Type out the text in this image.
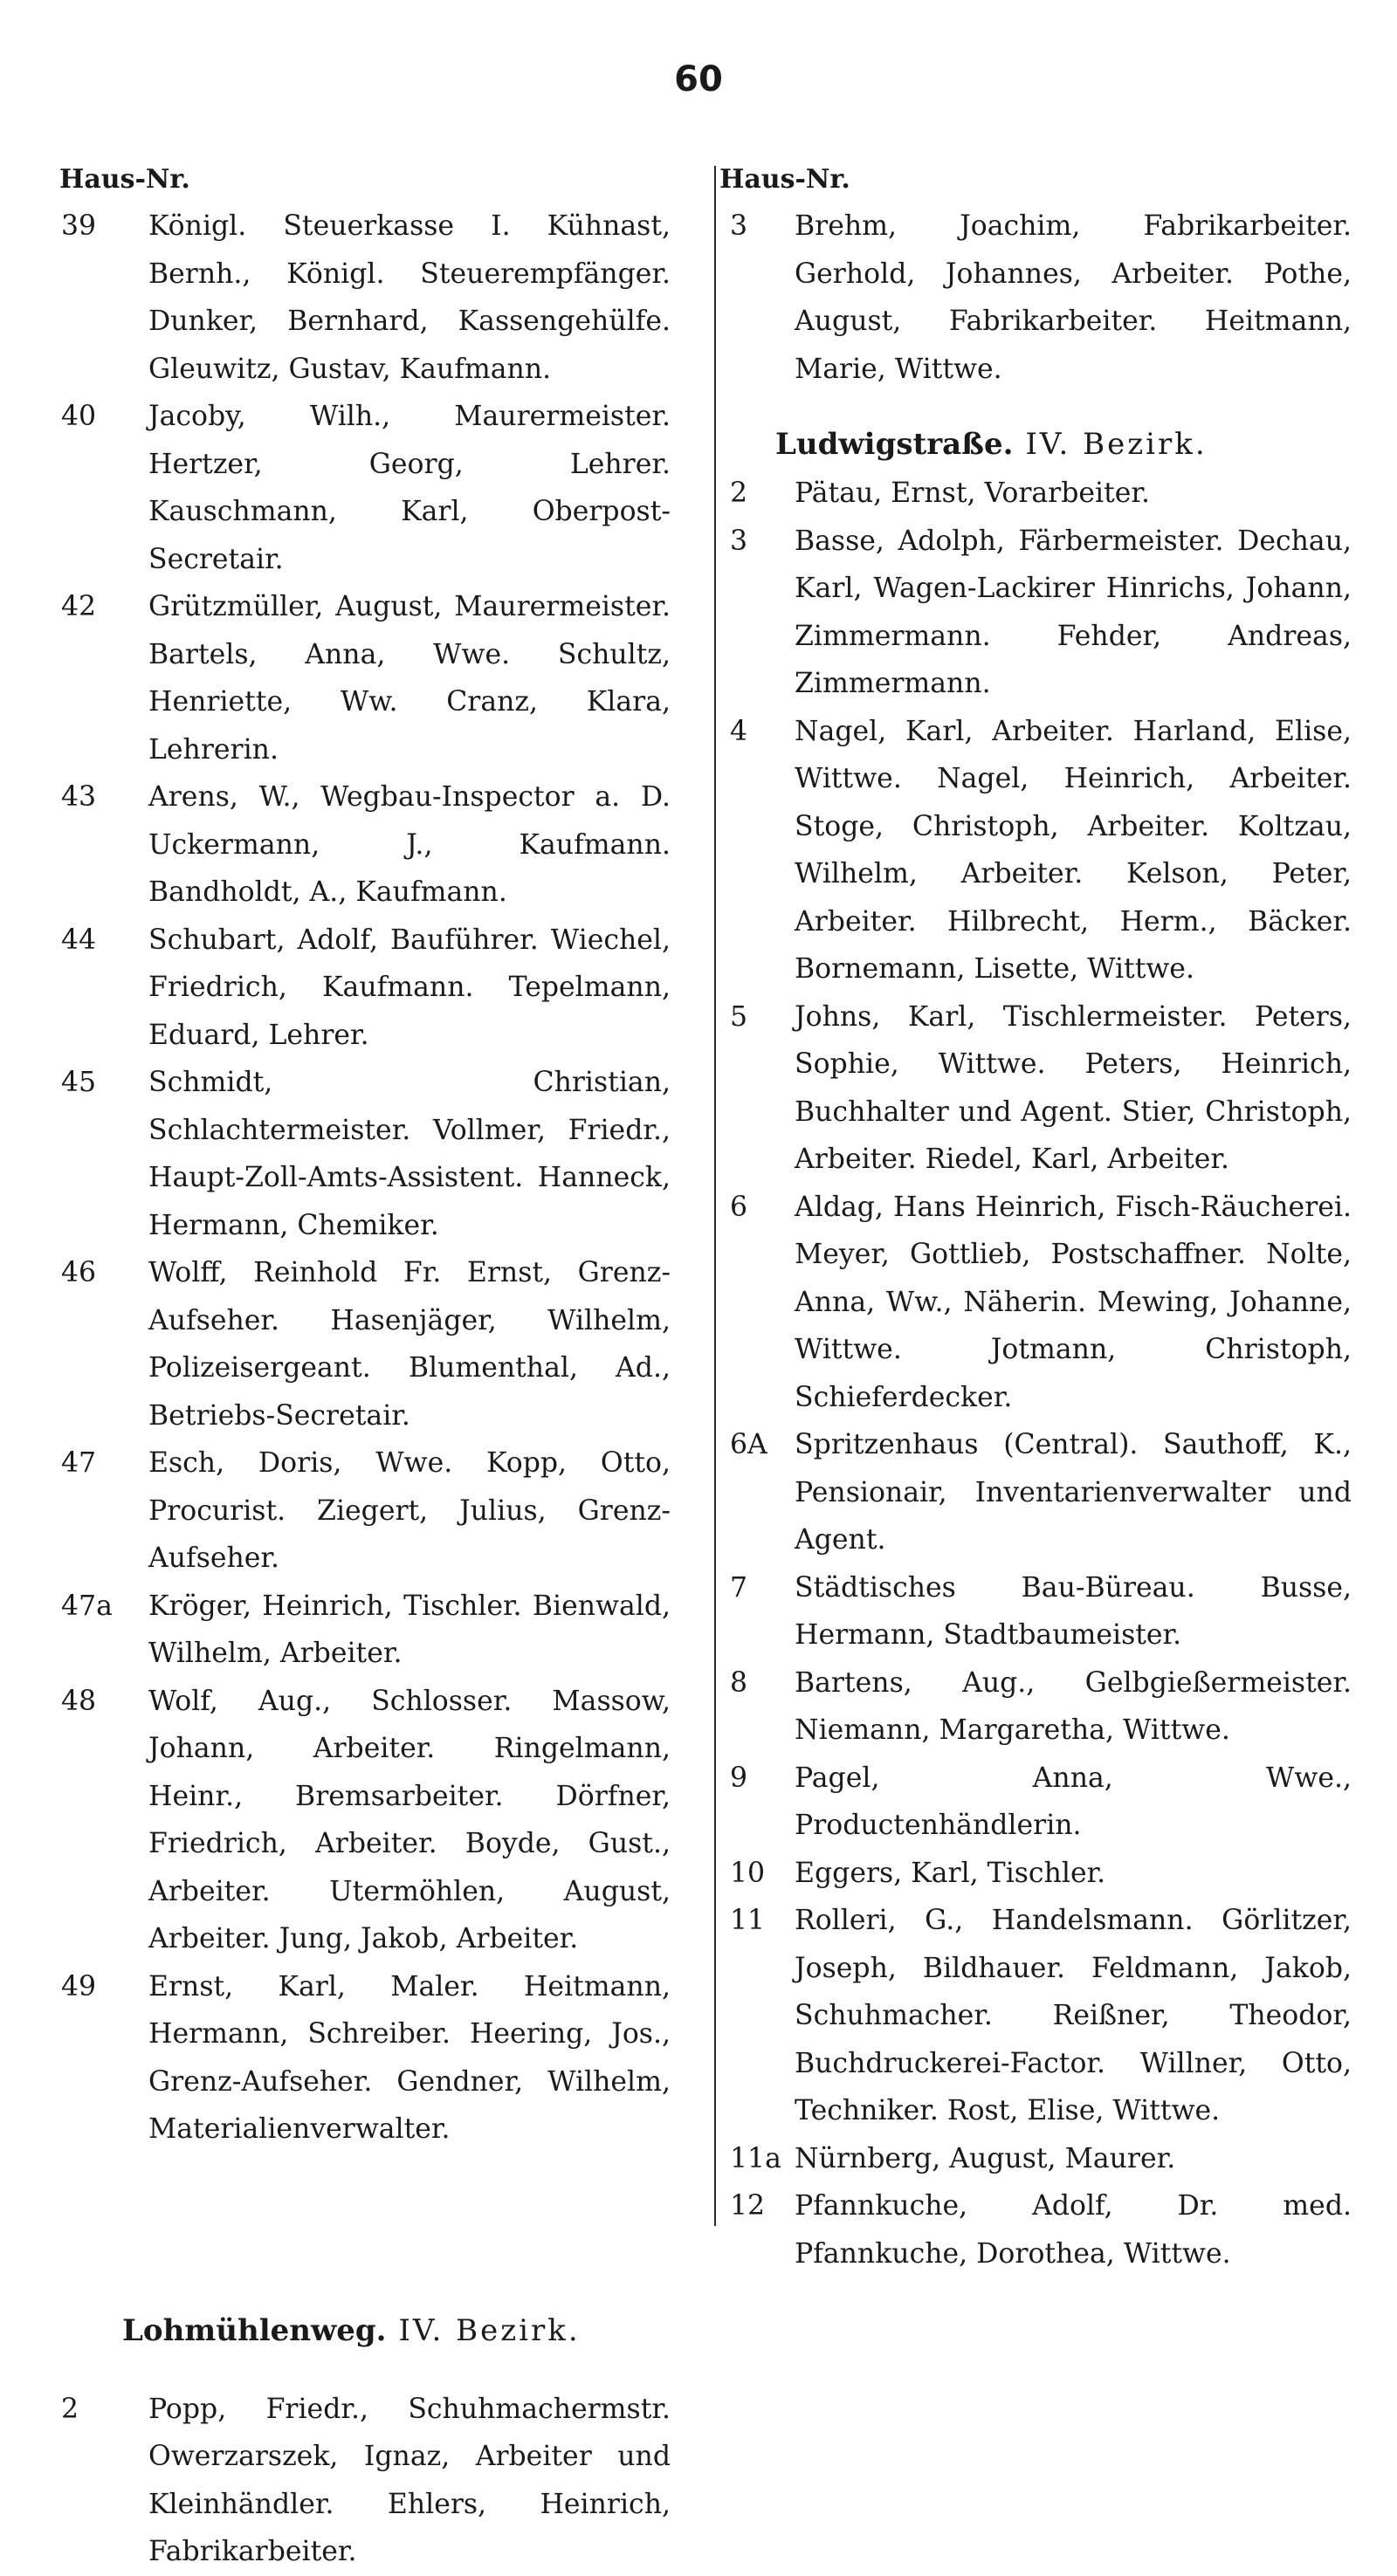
60
Haus-Nr.
39	Königl. Steuerkasse I. Kühnast, Bernh., Königl. Steuerempfänger. Dunker, Bernhard, Kassengehülfe. Gleuwitz, Gustav, Kaufmann.
40	Jacoby, Wilh., Maurermeister. Hertzer, Georg, Lehrer. Kauschmann, Karl, Oberpost-Secretair.
42	Grützmüller, August, Maurermeister. Bartels, Anna, Wwe. Schultz, Henriette, Ww. Cranz, Klara, Lehrerin.
43	Arens, W., Wegbau-Inspector a. D. Uckermann, J., Kaufmann. Bandholdt, A., Kaufmann.
44	Schubart, Adolf, Bauführer. Wiechel, Friedrich, Kaufmann. Tepelmann, Eduard, Lehrer.
45	Schmidt, Christian, Schlachtermeister. Vollmer, Friedr., Haupt-Zoll-Amts-Assistent. Hanneck, Hermann, Chemiker.
46	Wolff, Reinhold Fr. Ernst, Grenz-Aufseher. Hasenjäger, Wilhelm, Polizeisergeant. Blumenthal, Ad., Betriebs-Secretair.
47	Esch, Doris, Wwe. Kopp, Otto, Procurist. Ziegert, Julius, Grenz-Aufseher.
47a	Kröger, Heinrich, Tischler. Bienwald, Wilhelm, Arbeiter.
48	Wolf, Aug., Schlosser. Massow, Johann, Arbeiter. Ringelmann, Heinr., Bremsarbeiter. Dörfner, Friedrich, Arbeiter. Boyde, Gust., Arbeiter. Utermöhlen, August, Arbeiter. Jung, Jakob, Arbeiter.
49	Ernst, Karl, Maler. Heitmann, Hermann, Schreiber. Heering, Jos., Grenz-Aufseher. Gendner, Wilhelm, Materialienverwalter.
Lohmühlenweg. IV. Bezirk.
2	Popp, Friedr., Schuhmachermstr. Owerzarszek, Ignaz, Arbeiter und Kleinhändler. Ehlers, Heinrich, Fabrikarbeiter.
Haus-Nr.
3	Brehm, Joachim, Fabrikarbeiter. Gerhold, Johannes, Arbeiter. Pothe, August, Fabrikarbeiter. Heitmann, Marie, Wittwe.
Ludwigstraße. IV. Bezirk.
2	Pätau, Ernst, Vorarbeiter.
3	Basse, Adolph, Färbermeister. Dechau, Karl, Wagen-Lackirer Hinrichs, Johann, Zimmermann. Fehder, Andreas, Zimmermann.
4	Nagel, Karl, Arbeiter. Harland, Elise, Wittwe. Nagel, Heinrich, Arbeiter. Stoge, Christoph, Arbeiter. Koltzau, Wilhelm, Arbeiter. Kelson, Peter, Arbeiter. Hilbrecht, Herm., Bäcker. Bornemann, Lisette, Wittwe.
5	Johns, Karl, Tischlermeister. Peters, Sophie, Wittwe. Peters, Heinrich, Buchhalter und Agent. Stier, Christoph, Arbeiter. Riedel, Karl, Arbeiter.
6	Aldag, Hans Heinrich, Fisch-Räucherei. Meyer, Gottlieb, Postschaffner. Nolte, Anna, Ww., Näherin. Mewing, Johanne, Wittwe. Jotmann, Christoph, Schieferdecker.
6A Spritzenhaus (Central). Sauthoff, K., Pensionair, Inventarienverwalter und Agent.
7	Städtisches Bau-Büreau. Busse, Hermann, Stadtbaumeister.
8	Bartens, Aug., Gelbgießermeister. Niemann, Margaretha, Wittwe.
9	Pagel, Anna, Wwe., Productenhändlerin.
10	Eggers, Karl, Tischler.
11	Rolleri, G., Handelsmann. Görlitzer, Joseph, Bildhauer. Feldmann, Jakob, Schuhmacher. Reißner, Theodor, Buchdruckerei-Factor. Willner, Otto, Techniker. Rost, Elise, Wittwe.
11a Nürnberg, August, Maurer.
12	Pfannkuche, Adolf, Dr. med. Pfannkuche, Dorothea, Wittwe.
